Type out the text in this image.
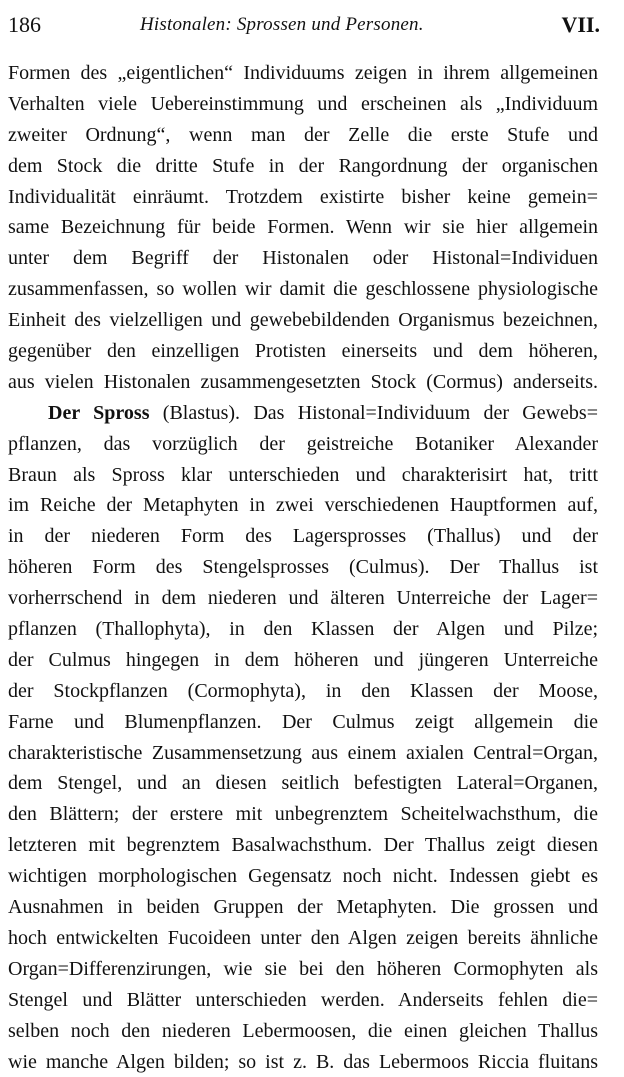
186	Histonalen: Sprossen und Personen.	VII.
Formen des „eigentlichen“ Individuums zeigen in ihrem allgemeinen
Verhalten viele Uebereinstimmung und erscheinen als „Individuum
zweiter Ordnung“, wenn man der Zelle die erste Stufe und
dem Stock die dritte Stufe in der Rangordnung der organischen
Individualität einräumt. Trotzdem existirte bisher keine gemein=
same Bezeichnung für beide Formen. Wenn wir sie hier allgemein
unter dem Begriff der Histonalen oder Histonal=Individuen
zusammenfassen, so wollen wir damit die geschlossene physiologische
Einheit des vielzelligen und gewebebildenden Organismus bezeichnen,
gegenüber den einzelligen Protisten einerseits und dem höheren,
aus vielen Histonalen zusammengesetzten Stock (Cormus) anderseits.
Der Spross (Blastus). Das Histonal=Individuum der Gewebs=
pflanzen, das vorzüglich der geistreiche Botaniker Alexander
Braun als Spross klar unterschieden und charakterisirt hat, tritt
im Reiche der Metaphyten in zwei verschiedenen Hauptformen auf,
in der niederen Form des Lagersprosses (Thallus) und der
höheren Form des Stengelsprosses (Culmus). Der Thallus ist
vorherrschend in dem niederen und älteren Unterreiche der Lager=
pflanzen (Thallophyta), in den Klassen der Algen und Pilze;
der Culmus hingegen in dem höheren und jüngeren Unterreiche
der Stockpflanzen (Cormophyta), in den Klassen der Moose,
Farne und Blumenpflanzen. Der Culmus zeigt allgemein die
charakteristische Zusammensetzung aus einem axialen Central=Organ,
dem Stengel, und an diesen seitlich befestigten Lateral=Organen,
den Blättern; der erstere mit unbegrenztem Scheitelwachsthum, die
letzteren mit begrenztem Basalwachsthum. Der Thallus zeigt diesen
wichtigen morphologischen Gegensatz noch nicht. Indessen giebt es
Ausnahmen in beiden Gruppen der Metaphyten. Die grossen und
hoch entwickelten Fucoideen unter den Algen zeigen bereits ähnliche
Organ=Differenzirungen, wie sie bei den höheren Cormophyten als
Stengel und Blätter unterschieden werden. Anderseits fehlen die=
selben noch den niederen Lebermoosen, die einen gleichen Thallus
wie manche Algen bilden; so ist z. B. das Lebermoos Riccia fluitans
